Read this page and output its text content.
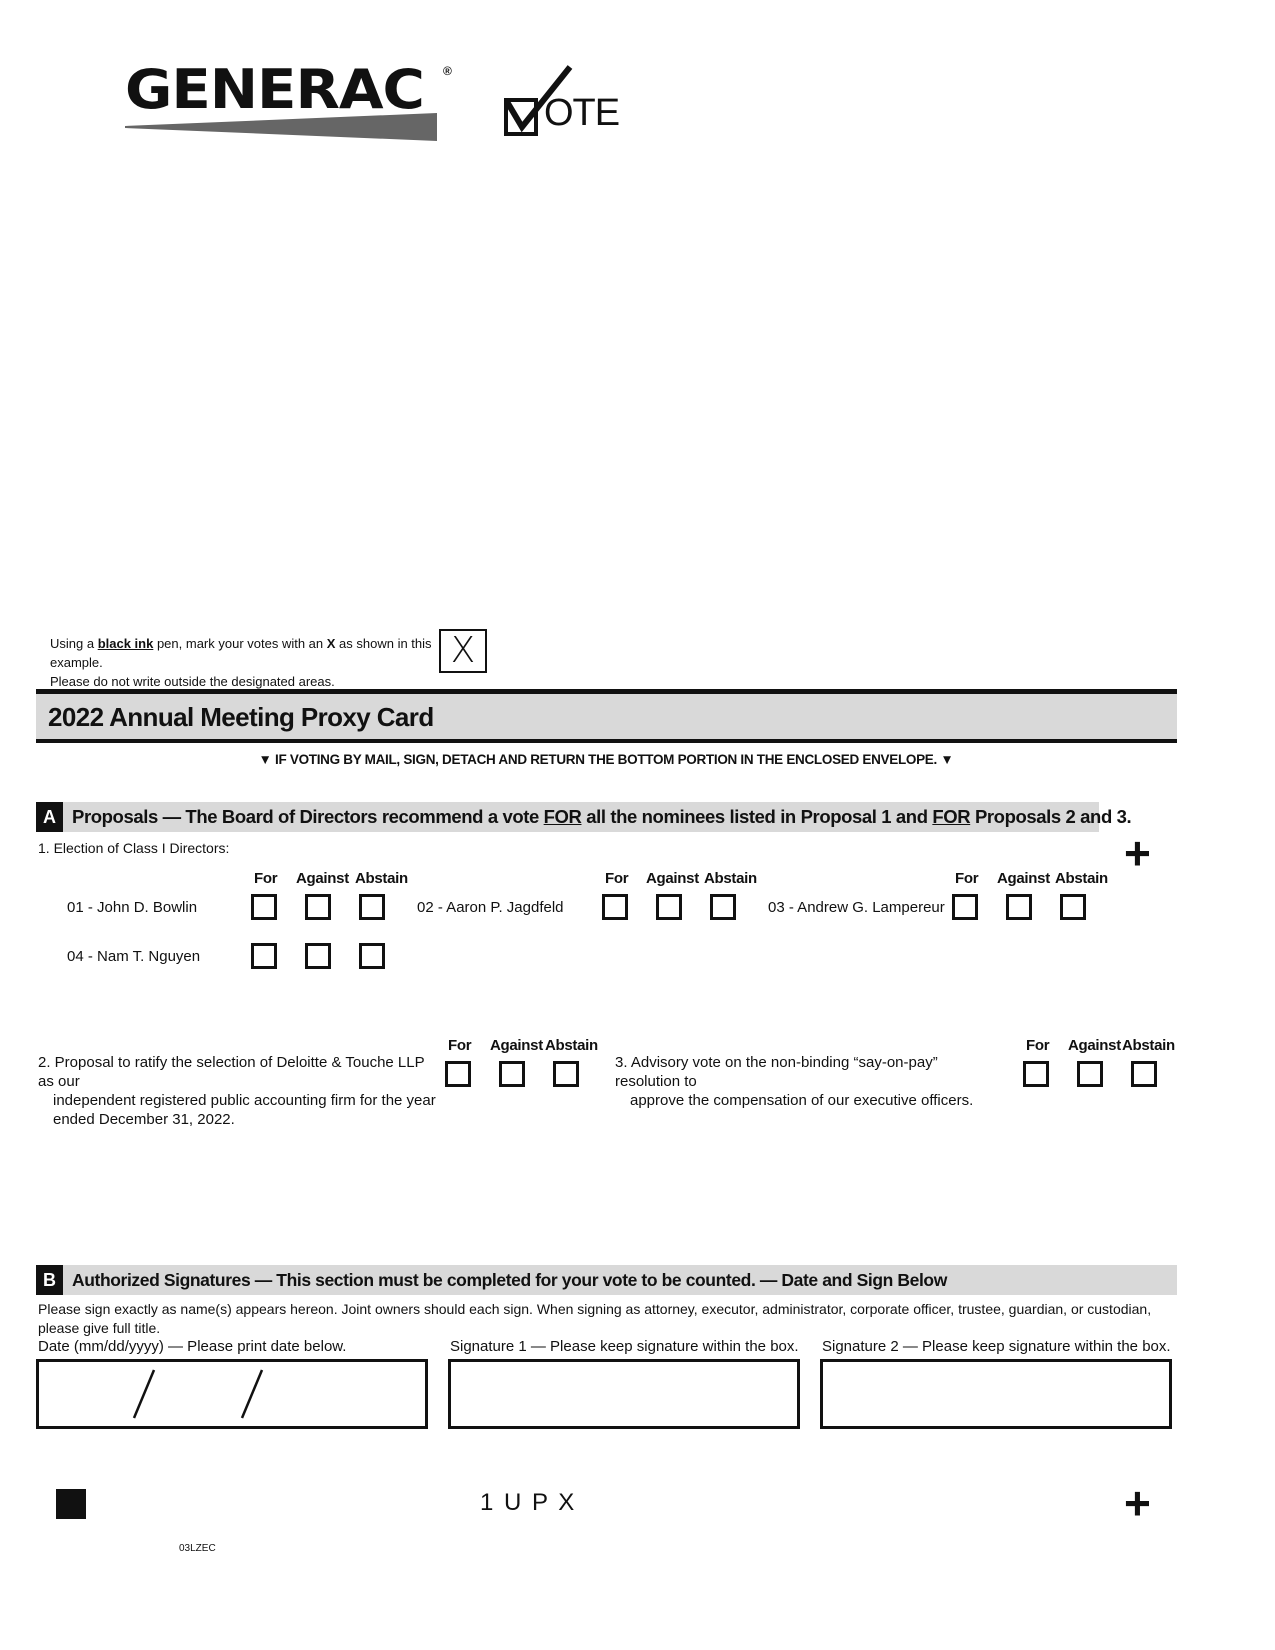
GENERAC ®
OTE
Using a black ink pen, mark your votes with an X as shown in this example.
Please do not write outside the designated areas.
X
2022 Annual Meeting Proxy Card
▼ IF VOTING BY MAIL, SIGN, DETACH AND RETURN THE BOTTOM PORTION IN THE ENCLOSED ENVELOPE. ▼
A Proposals — The Board of Directors recommend a vote FOR all the nominees listed in Proposal 1 and FOR Proposals 2 and 3.
+
1. Election of Class I Directors:
For Against Abstain	For Against Abstain	For Against Abstain
01 - John D. Bowlin	02 - Aaron P. Jagdfeld	03 - Andrew G. Lampereur
04 - Nam T. Nguyen
2. Proposal to ratify the selection of Deloitte & Touche LLP as our
independent registered public accounting firm for the year
ended December 31, 2022.
For Against Abstain
3. Advisory vote on the non-binding “say-on-pay” resolution to
approve the compensation of our executive officers.
For Against Abstain
B Authorized Signatures — This section must be completed for your vote to be counted. — Date and Sign Below
Please sign exactly as name(s) appears hereon. Joint owners should each sign. When signing as attorney, executor, administrator, corporate officer, trustee, guardian, or custodian, please give full title.
Date (mm/dd/yyyy) — Please print date below.	Signature 1 — Please keep signature within the box. Signature 2 — Please keep signature within the box.
1 U P X	+
03LZEC
